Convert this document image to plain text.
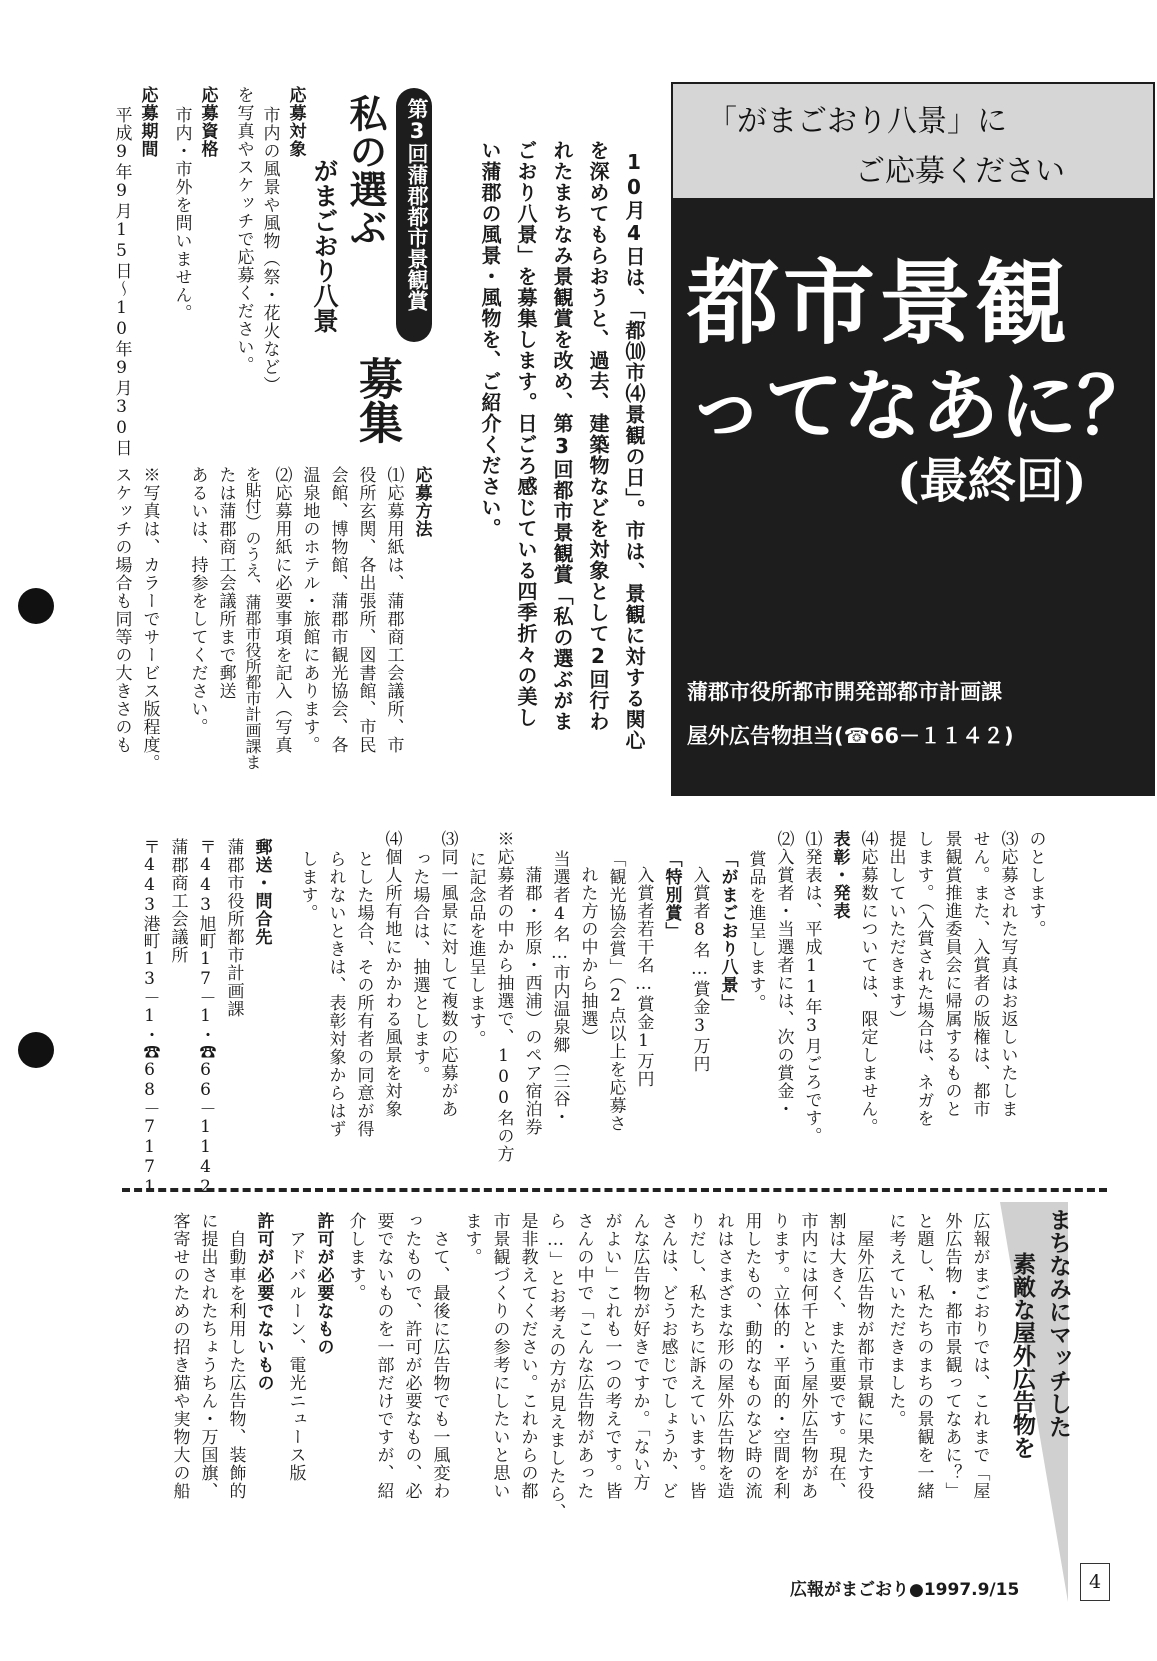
「がまごおり八景」に

ご応募ください

都市景観

ってなあに？

(最終回)

蒲郡市役所都市開発部都市計画課

屋外広告物担当(☎66－１１４２)

10月4日は、「都⑽市⑷景観の日」。市は、景観に対する関心

を深めてもらおうと、過去、建築物などを対象として2回行わ

れたまちなみ景観賞を改め、第3回都市景観賞「私の選ぶがま

ごおり八景」を募集します。日ごろ感じている四季折々の美し

い蒲郡の風景・風物を、ご紹介ください。

第3回蒲郡都市景観賞

私の選ぶ

がまごおり八景

募集

応募対象

市内の風景や風物（祭・花火など）

を写真やスケッチで応募ください。

応募資格

市内・市外を問いません。

応募期間

平成9年9月15日～10年9月30日

応募方法

⑴応募用紙は、蒲郡商工会議所、市

役所玄関、各出張所、図書館、市民

会館、博物館、蒲郡市観光協会、各

温泉地のホテル・旅館にあります。

⑵応募用紙に必要事項を記入（写真

を貼付）のうえ、蒲郡市役所都市計画課ま

たは蒲郡商工会議所まで郵送

あるいは、持参をしてください。

※写真は、カラーでサービス版程度。

スケッチの場合も同等の大きさのも

のとします。

⑶応募された写真はお返しいたしま

せん。また、入賞者の版権は、都市

景観賞推進委員会に帰属するものと

します。（入賞された場合は、ネガを

提出していただきます）

⑷応募数については、限定しません。

表彰・発表

⑴発表は、平成11年3月ごろです。

⑵入賞者・当選者には、次の賞金・

賞品を進呈します。

「がまごおり八景」

入賞者8名…賞金3万円

「特別賞」

入賞者若干名…賞金1万円

「観光協会賞」（2点以上を応募さ

れた方の中から抽選）

当選者4名…市内温泉郷（三谷・

蒲郡・形原・西浦）のペア宿泊券

※応募者の中から抽選で、100名の方

に記念品を進呈します。

⑶同一風景に対して複数の応募があ

った場合は、抽選とします。

⑷個人所有地にかかわる風景を対象

とした場合、その所有者の同意が得

られないときは、表彰対象からはず

します。

郵送・問合先

蒲郡市役所都市計画課

〒443旭町17－1・☎66－1142

蒲郡商工会議所

〒443港町13－1・☎68－7171

まちなみにマッチした

素敵な屋外広告物を

広報がまごおりでは、これまで「屋

外広告物・都市景観ってなあに？」

と題し、私たちのまちの景観を一緒

に考えていただきました。

屋外広告物が都市景観に果たす役

割は大きく、また重要です。現在、

市内には何千という屋外広告物があ

ります。立体的・平面的・空間を利

用したもの、動的なものなど時の流

れはさまざまな形の屋外広告物を造

りだし、私たちに訴えています。皆

さんは、どうお感じでしょうか、ど

んな広告物が好きですか。「ない方

がよい」これも一つの考えです。皆

さんの中で「こんな広告物があった

ら…」とお考えの方が見えましたら、

是非教えてください。これからの都

市景観づくりの参考にしたいと思い

ます。

さて、最後に広告物でも一風変わ

ったもので、許可が必要なもの、必

要でないものを一部だけですが、紹

介します。

許可が必要なもの

アドバルーン、電光ニュース版

許可が必要でないもの

自動車を利用した広告物、装飾的

に提出されたちょうちん・万国旗、

客寄せのための招き猫や実物大の船

広報がまごおり●1997.9/15	4
